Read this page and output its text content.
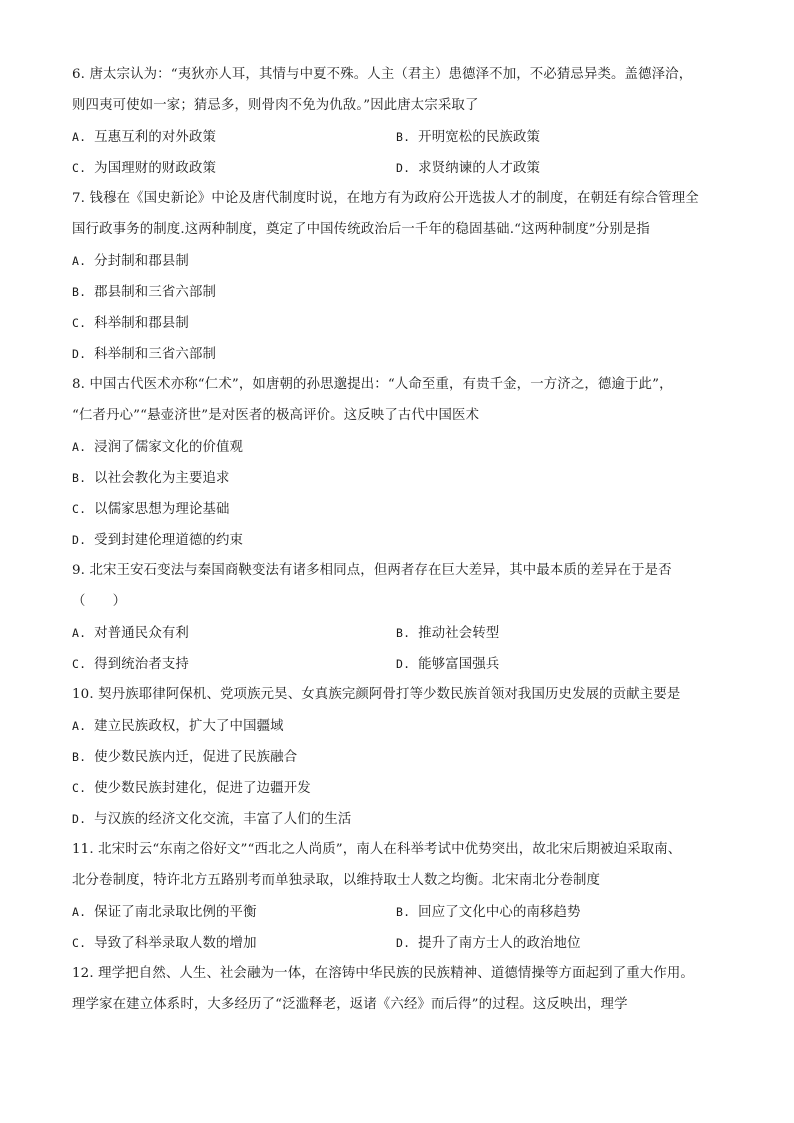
6. 唐太宗认为：“夷狄亦人耳，其情与中夏不殊。人主（君主）患德泽不加，不必猜忌异类。盖德泽洽，
则四夷可使如一家；猜忌多，则骨肉不免为仇敌。”因此唐太宗采取了
A. 互惠互利的对外政策	B. 开明宽松的民族政策
C. 为国理财的财政政策	D. 求贤纳谏的人才政策
7. 钱穆在《国史新论》中论及唐代制度时说，在地方有为政府公开选拔人才的制度，在朝廷有综合管理全
国行政事务的制度.这两种制度，奠定了中国传统政治后一千年的稳固基础.“这两种制度”分别是指
A. 分封制和郡县制
B. 郡县制和三省六部制
C. 科举制和郡县制
D. 科举制和三省六部制
8. 中国古代医术亦称“仁术”，如唐朝的孙思邈提出：“人命至重，有贵千金，一方济之，德逾于此”，
“仁者丹心”“悬壶济世”是对医者的极高评价。这反映了古代中国医术
A. 浸润了儒家文化的价值观
B. 以社会教化为主要追求
C. 以儒家思想为理论基础
D. 受到封建伦理道德的约束
9. 北宋王安石变法与秦国商鞅变法有诸多相同点，但两者存在巨大差异，其中最本质的差异在于是否
（　　）
A. 对普通民众有利	B. 推动社会转型
C. 得到统治者支持	D. 能够富国强兵
10. 契丹族耶律阿保机、党项族元昊、女真族完颜阿骨打等少数民族首领对我国历史发展的贡献主要是
A. 建立民族政权，扩大了中国疆域
B. 使少数民族内迁，促进了民族融合
C. 使少数民族封建化，促进了边疆开发
D. 与汉族的经济文化交流，丰富了人们的生活
11. 北宋时云“东南之俗好文”“西北之人尚质”，南人在科举考试中优势突出，故北宋后期被迫采取南、
北分卷制度，特许北方五路别考而单独录取，以维持取士人数之均衡。北宋南北分卷制度
A. 保证了南北录取比例的平衡	B. 回应了文化中心的南移趋势
C. 导致了科举录取人数的增加	D. 提升了南方士人的政治地位
12. 理学把自然、人生、社会融为一体，在溶铸中华民族的民族精神、道德情操等方面起到了重大作用。
理学家在建立体系时，大多经历了“泛滥释老，返诸《六经》而后得”的过程。这反映出，理学
